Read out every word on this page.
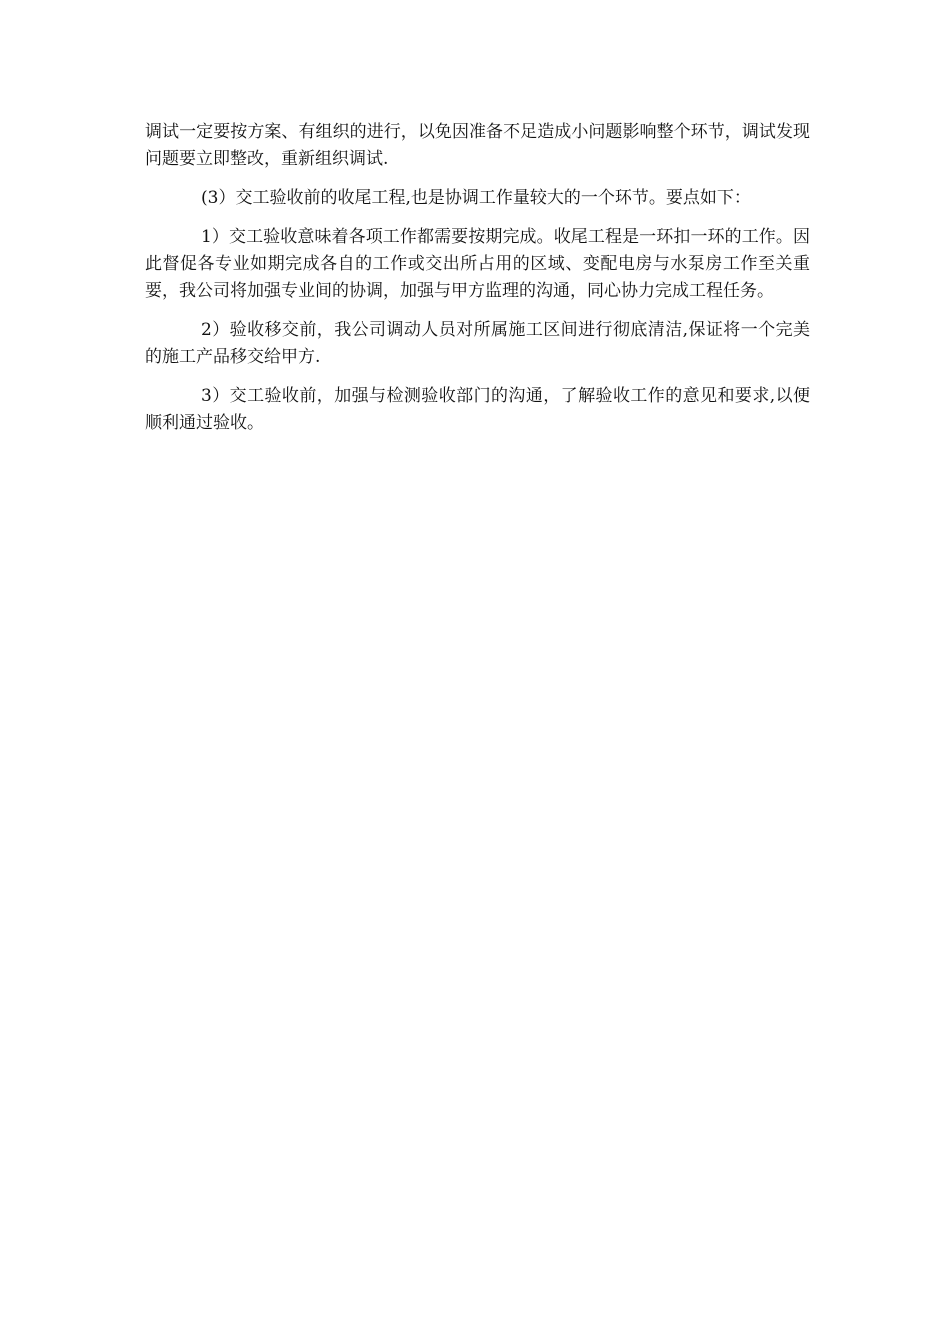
调试一定要按方案、有组织的进行，以免因准备不足造成小问题影响整个环节，调试发现问题要立即整改，重新组织调试.

(3）交工验收前的收尾工程,也是协调工作量较大的一个环节。要点如下：

1）交工验收意味着各项工作都需要按期完成。收尾工程是一环扣一环的工作。因此督促各专业如期完成各自的工作或交出所占用的区域、变配电房与水泵房工作至关重要，我公司将加强专业间的协调，加强与甲方监理的沟通，同心协力完成工程任务。

2）验收移交前，我公司调动人员对所属施工区间进行彻底清洁,保证将一个完美的施工产品移交给甲方.

3）交工验收前，加强与检测验收部门的沟通，了解验收工作的意见和要求,以便顺利通过验收。
